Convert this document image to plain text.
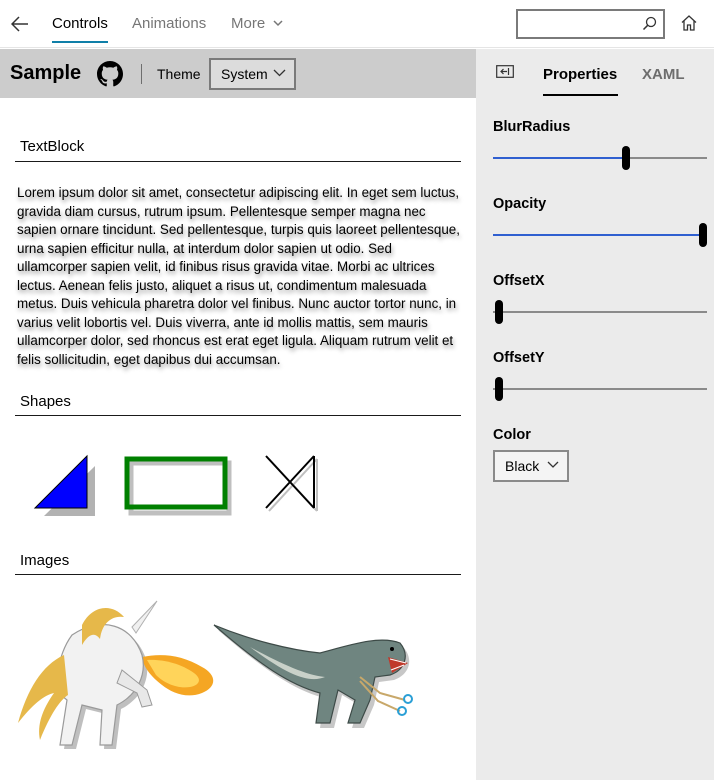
Controls Animations More
Sample	Theme System
TextBlock

Lorem ipsum dolor sit amet, consectetur adipiscing elit. In eget sem luctus, gravida diam cursus, rutrum ipsum. Pellentesque semper magna nec sapien ornare tincidunt. Sed pellentesque, turpis quis laoreet pellentesque, urna sapien efficitur nulla, at interdum dolor sapien ut odio. Sed ullamcorper sapien velit, id finibus risus gravida vitae. Morbi ac ultrices lectus. Aenean felis justo, aliquet a risus ut, condimentum malesuada metus. Duis vehicula pharetra dolor vel finibus. Nunc auctor tortor nunc, in varius velit lobortis vel. Duis viverra, ante id mollis mattis, sem mauris ullamcorper dolor, sed rhoncus est erat eget ligula. Aliquam rutrum velit et felis sollicitudin, eget dapibus dui accumsan.

Shapes
Images
Properties XAML
BlurRadius
Opacity
OffsetX
OffsetY
Color
Black
